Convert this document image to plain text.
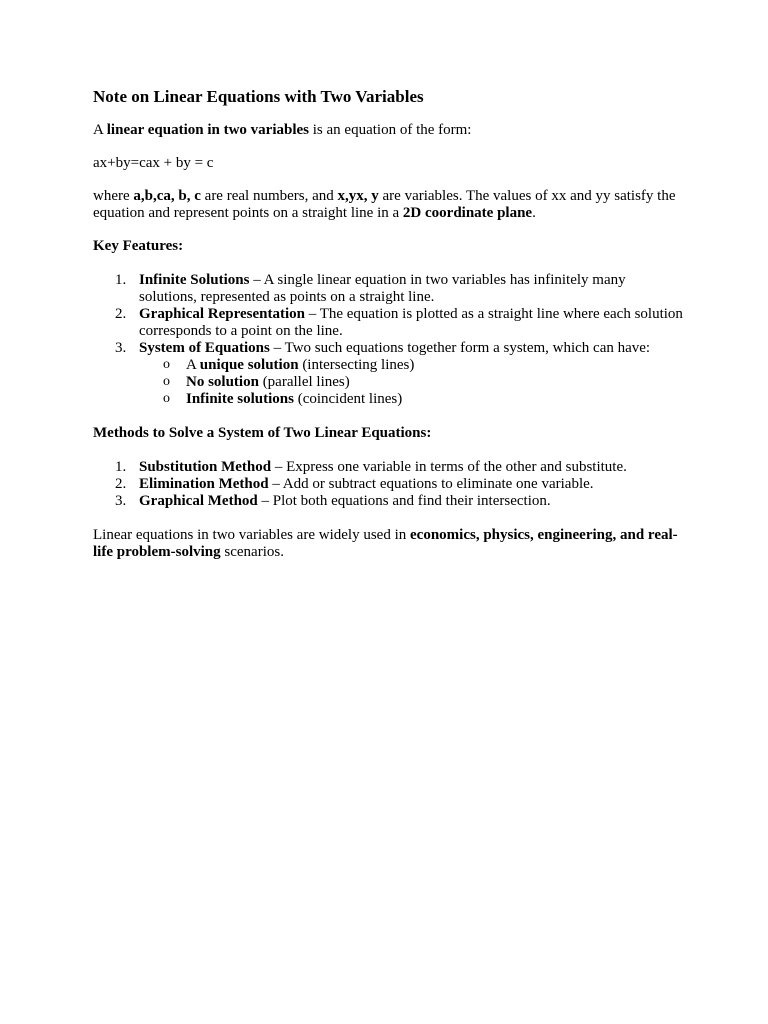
Note on Linear Equations with Two Variables

A linear equation in two variables is an equation of the form:

ax+by=cax + by = c

where a,b,ca, b, c are real numbers, and x,yx, y are variables. The values of xx and yy satisfy the equation and represent points on a straight line in a 2D coordinate plane.

Key Features:

1. Infinite Solutions – A single linear equation in two variables has infinitely many solutions, represented as points on a straight line.
2. Graphical Representation – The equation is plotted as a straight line where each solution corresponds to a point on the line.
3. System of Equations – Two such equations together form a system, which can have:
o A unique solution (intersecting lines)
o No solution (parallel lines)
o Infinite solutions (coincident lines)

Methods to Solve a System of Two Linear Equations:

1. Substitution Method – Express one variable in terms of the other and substitute.
2. Elimination Method – Add or subtract equations to eliminate one variable.
3. Graphical Method – Plot both equations and find their intersection.

Linear equations in two variables are widely used in economics, physics, engineering, and real-life problem-solving scenarios.
